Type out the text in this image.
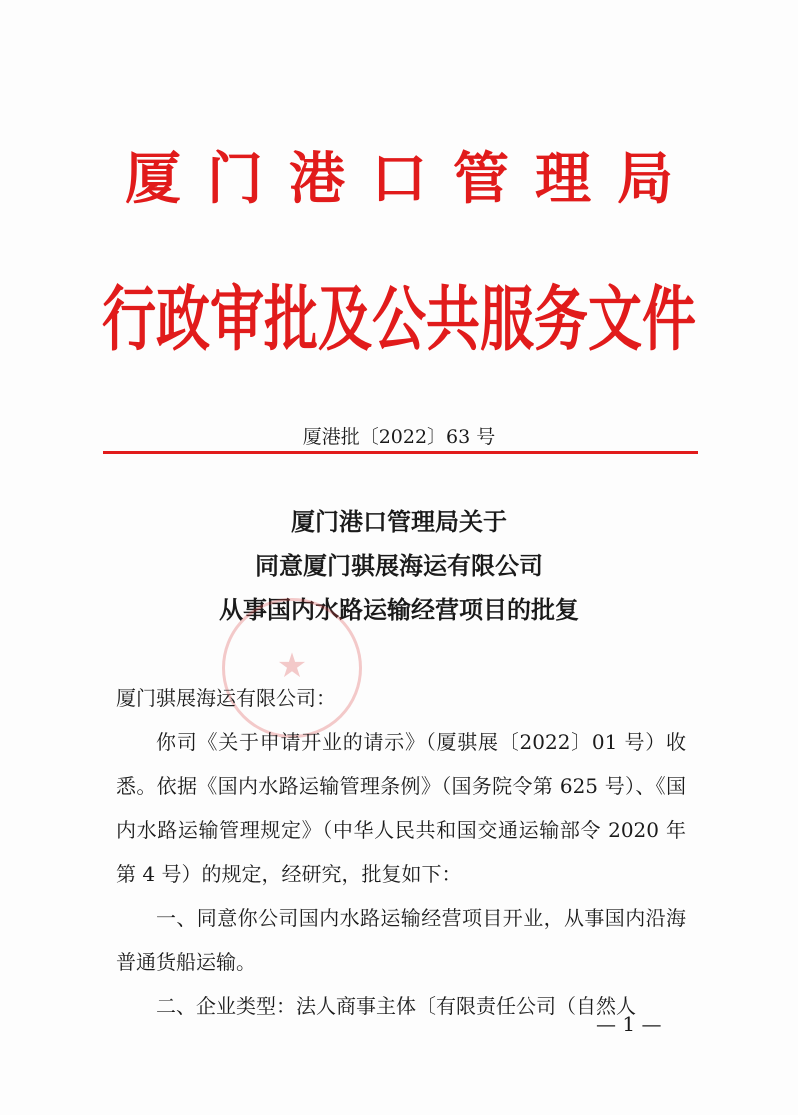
厦门港口管理局
行政审批及公共服务文件
厦港批〔2022〕63 号
厦门港口管理局关于
同意厦门骐展海运有限公司
从事国内水路运输经营项目的批复
★

厦门骐展海运有限公司：

你司《关于申请开业的请示》（厦骐展〔2022〕01 号）收悉。依据《国内水路运输管理条例》（国务院令第 625 号）、《国内水路运输管理规定》（中华人民共和国交通运输部令 2020 年第 4 号）的规定，经研究，批复如下：

一、同意你公司国内水路运输经营项目开业，从事国内沿海普通货船运输。

二、企业类型：法人商事主体〔有限责任公司（自然人

— 1 —
